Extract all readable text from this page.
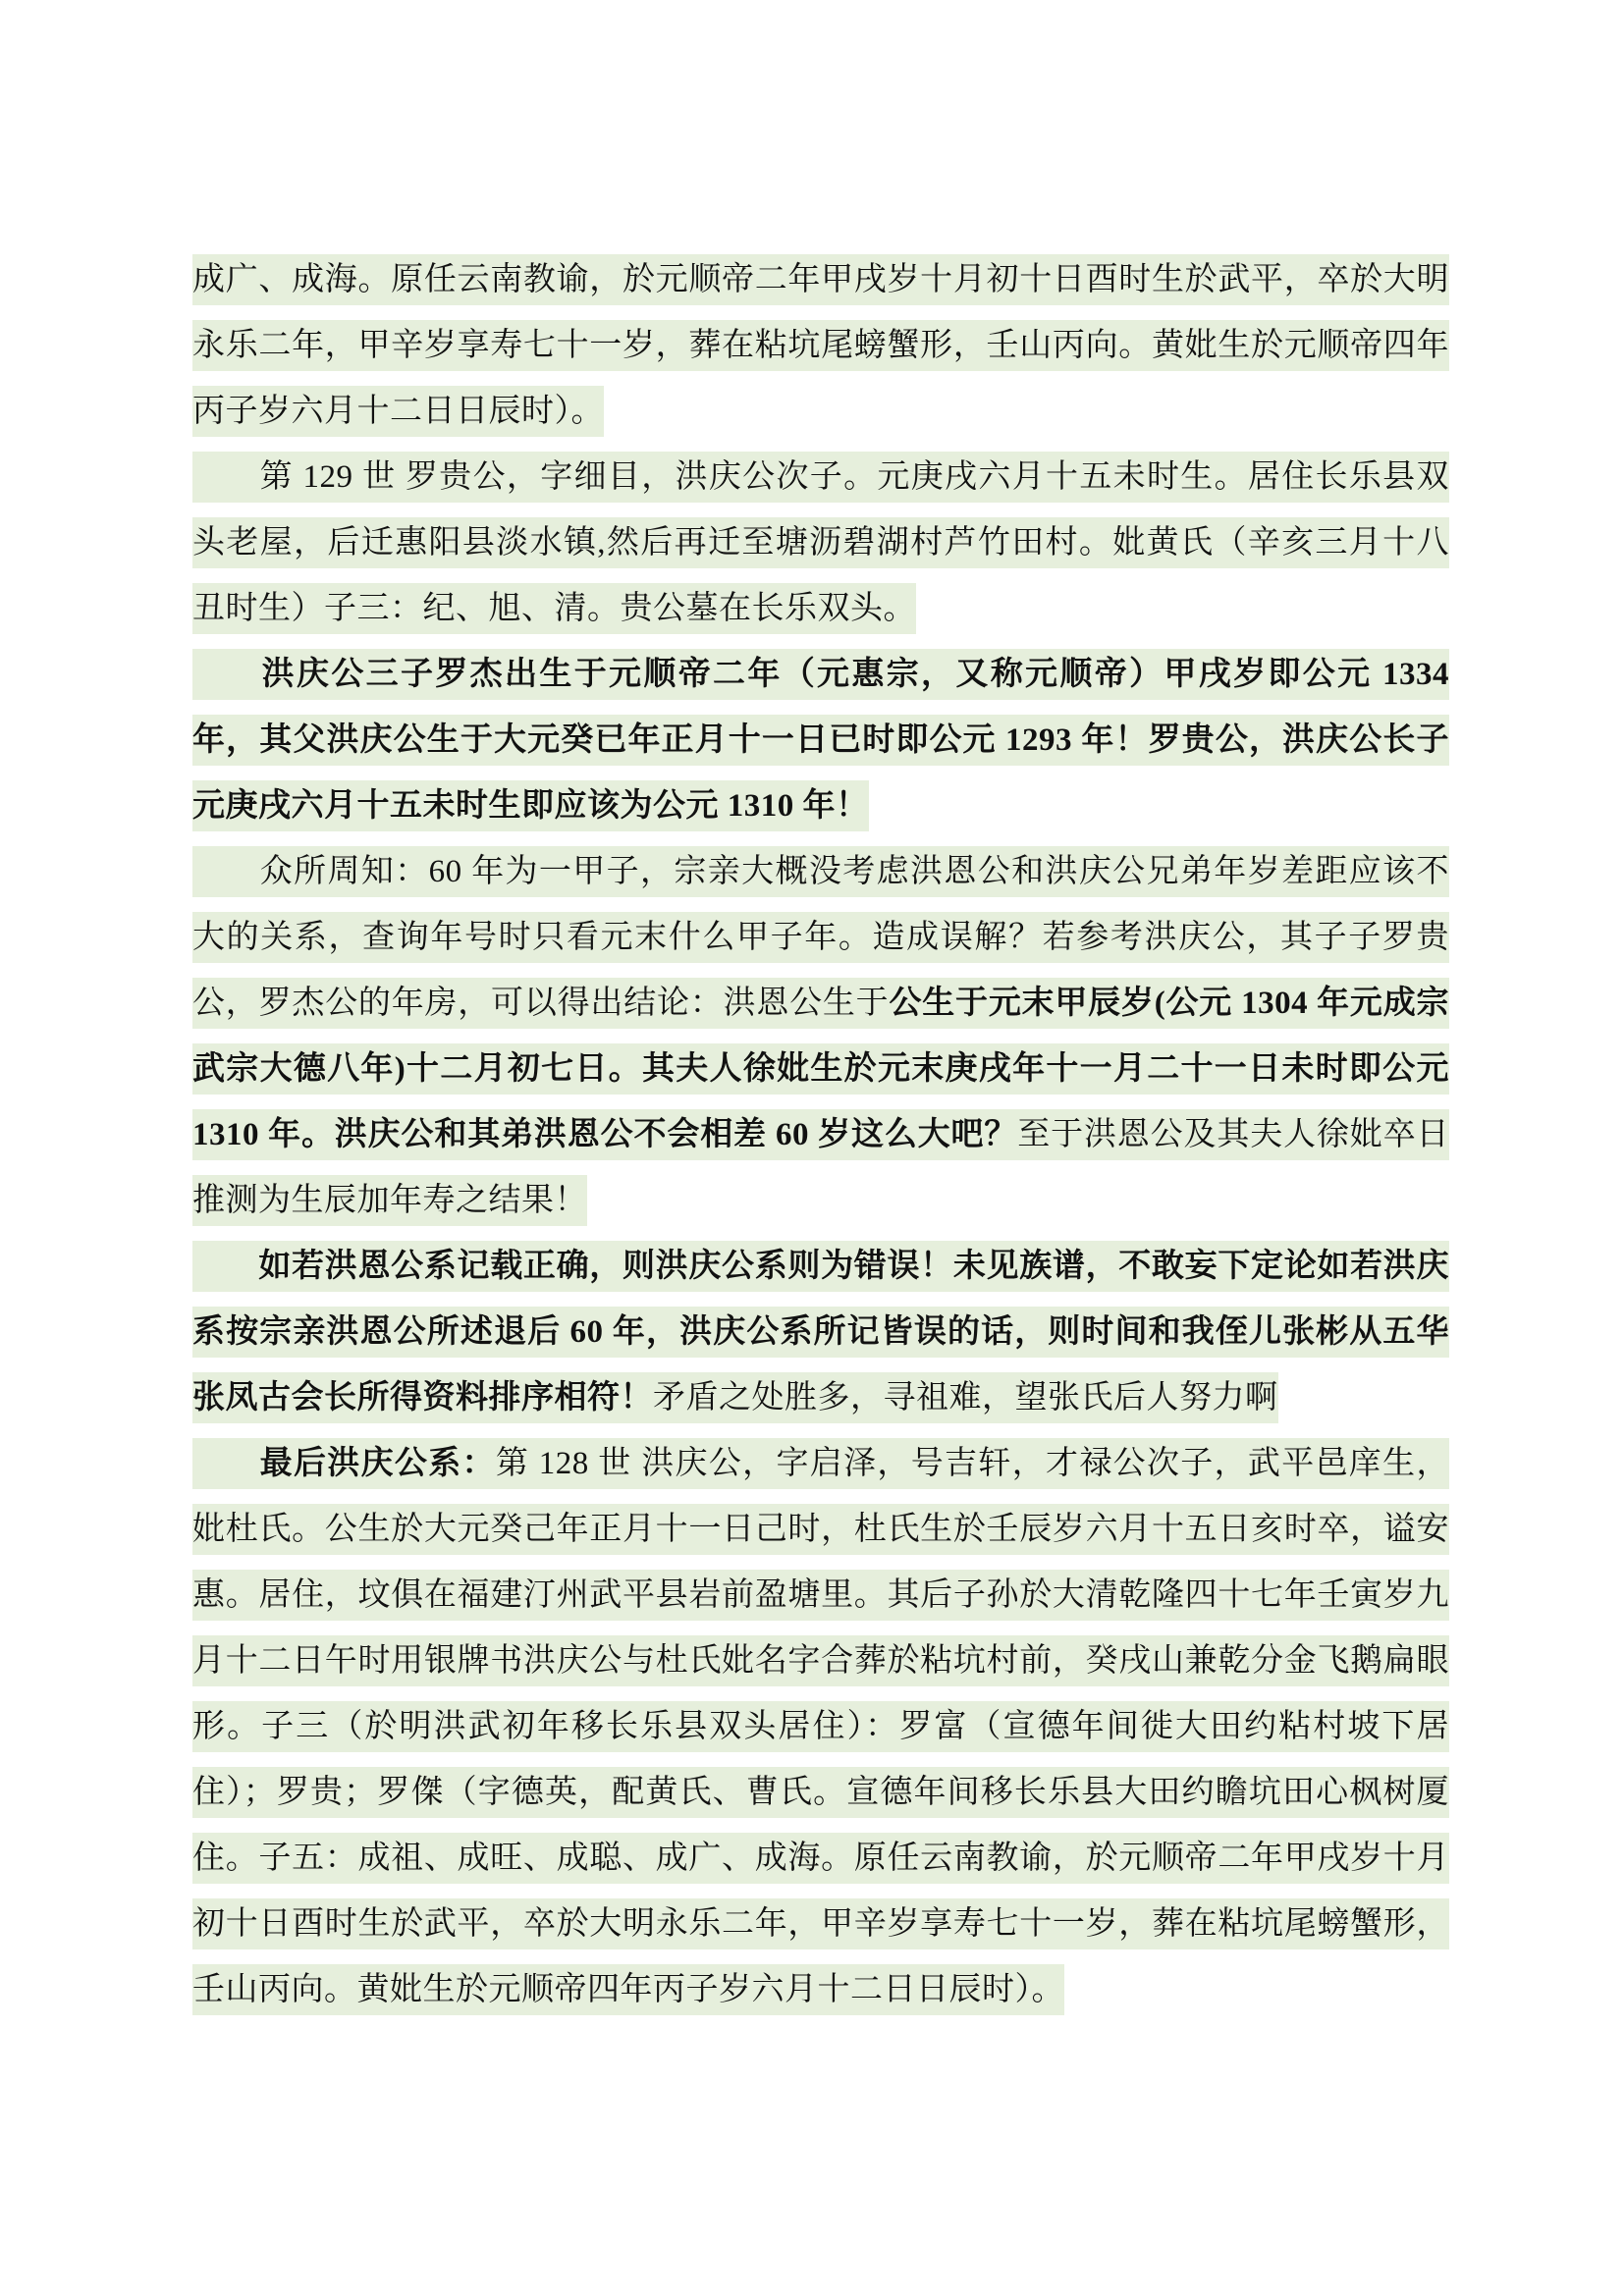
成广、成海。原任云南教谕，於元顺帝二年甲戌岁十月初十日酉时生於武平，卒於大明永乐二年，甲辛岁享寿七十一岁，葬在粘坑尾螃蟹形，壬山丙向。黄妣生於元顺帝四年丙子岁六月十二日日辰时）。

　　第 129 世 罗贵公，字细目，洪庆公次子。元庚戌六月十五未时生。居住长乐县双头老屋，后迁惠阳县淡水镇,然后再迁至塘沥碧湖村芦竹田村。妣黄氏（辛亥三月十八丑时生）子三：纪、旭、清。贵公墓在长乐双头。

　　洪庆公三子罗杰出生于元顺帝二年（元惠宗，又称元顺帝）甲戌岁即公元 1334 年，其父洪庆公生于大元癸已年正月十一日已时即公元 1293 年！罗贵公，洪庆公长子元庚戌六月十五未时生即应该为公元 1310 年！

　　众所周知：60 年为一甲子，宗亲大概没考虑洪恩公和洪庆公兄弟年岁差距应该不大的关系，查询年号时只看元末什么甲子年。造成误解？若参考洪庆公，其子子罗贵公，罗杰公的年房，可以得出结论：洪恩公生于公生于元末甲辰岁(公元 1304 年元成宗武宗大德八年)十二月初七日。其夫人徐妣生於元末庚戌年十一月二十一日未时即公元 1310 年。洪庆公和其弟洪恩公不会相差 60 岁这么大吧？至于洪恩公及其夫人徐妣卒日推测为生辰加年寿之结果！

　　如若洪恩公系记载正确，则洪庆公系则为错误！未见族谱，不敢妄下定论如若洪庆系按宗亲洪恩公所述退后 60 年，洪庆公系所记皆误的话，则时间和我侄儿张彬从五华张凤古会长所得资料排序相符！矛盾之处胜多，寻祖难，望张氏后人努力啊

　　最后洪庆公系：第 128 世 洪庆公，字启泽，号吉轩，才禄公次子，武平邑庠生，妣杜氏。公生於大元癸己年正月十一日己时，杜氏生於壬辰岁六月十五日亥时卒，谥安惠。居住，坟俱在福建汀州武平县岩前盈塘里。其后子孙於大清乾隆四十七年壬寅岁九月十二日午时用银牌书洪庆公与杜氏妣名字合葬於粘坑村前，癸戌山兼乾分金飞鹅扁眼形。子三（於明洪武初年移长乐县双头居住）：罗富（宣德年间徙大田约粘村坡下居住）；罗贵；罗傑（字德英，配黄氏、曹氏。宣德年间移长乐县大田约瞻坑田心枫树厦住。子五：成祖、成旺、成聪、成广、成海。原任云南教谕，於元顺帝二年甲戌岁十月初十日酉时生於武平，卒於大明永乐二年，甲辛岁享寿七十一岁，葬在粘坑尾螃蟹形，壬山丙向。黄妣生於元顺帝四年丙子岁六月十二日日辰时）。
